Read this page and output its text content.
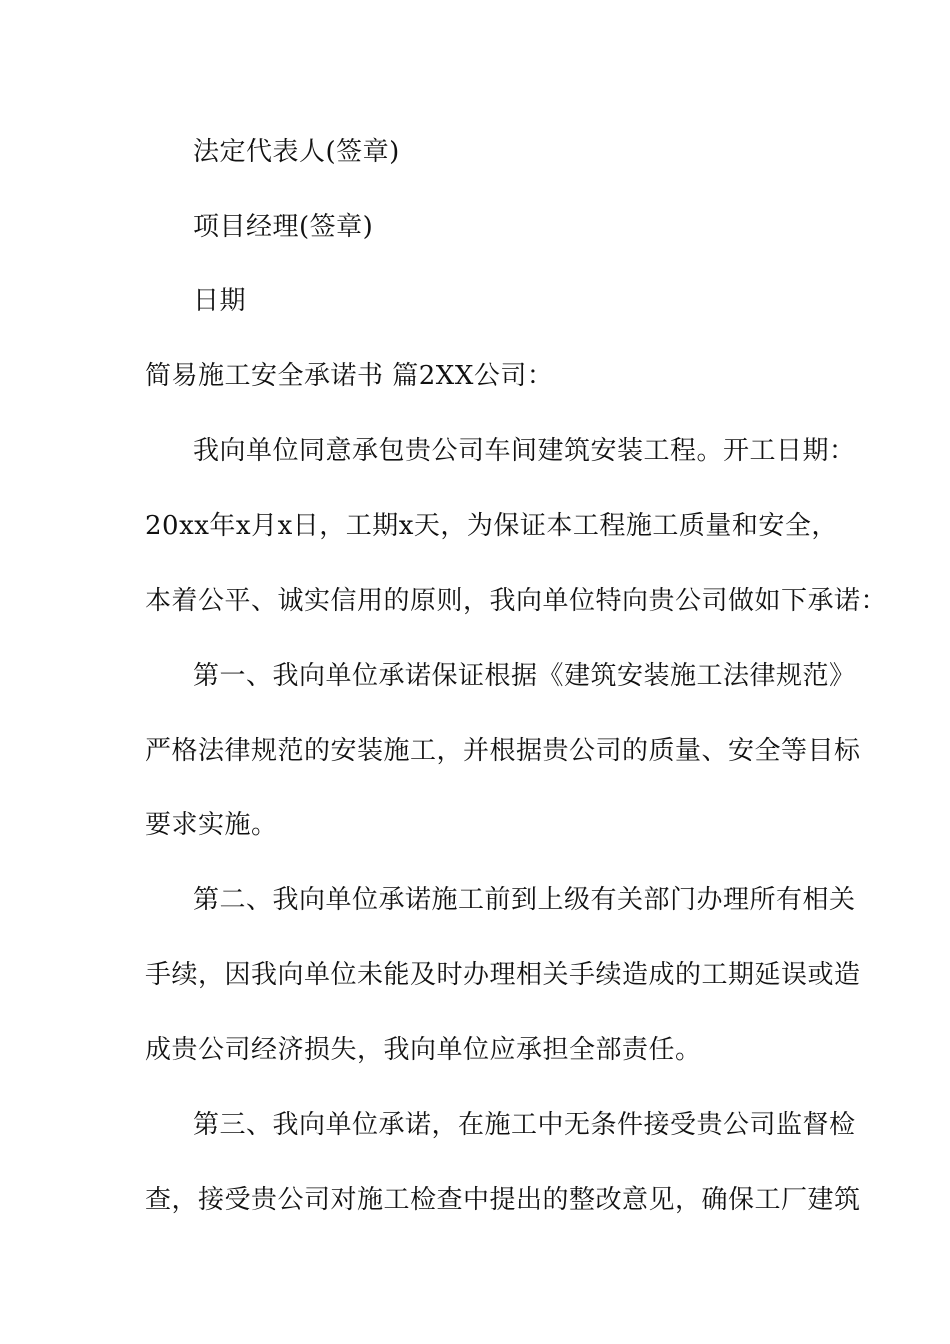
法定代表人(签章)
项目经理(签章)
日期
简易施工安全承诺书 篇2XX公司：
我向单位同意承包贵公司车间建筑安装工程。开工日期：
20xx年x月x日，工期x天，为保证本工程施工质量和安全，
本着公平、诚实信用的原则，我向单位特向贵公司做如下承诺：
第一、我向单位承诺保证根据《建筑安装施工法律规范》
严格法律规范的安装施工，并根据贵公司的质量、安全等目标
要求实施。
第二、我向单位承诺施工前到上级有关部门办理所有相关
手续，因我向单位未能及时办理相关手续造成的工期延误或造
成贵公司经济损失，我向单位应承担全部责任。
第三、我向单位承诺，在施工中无条件接受贵公司监督检
查，接受贵公司对施工检查中提出的整改意见，确保工厂建筑
